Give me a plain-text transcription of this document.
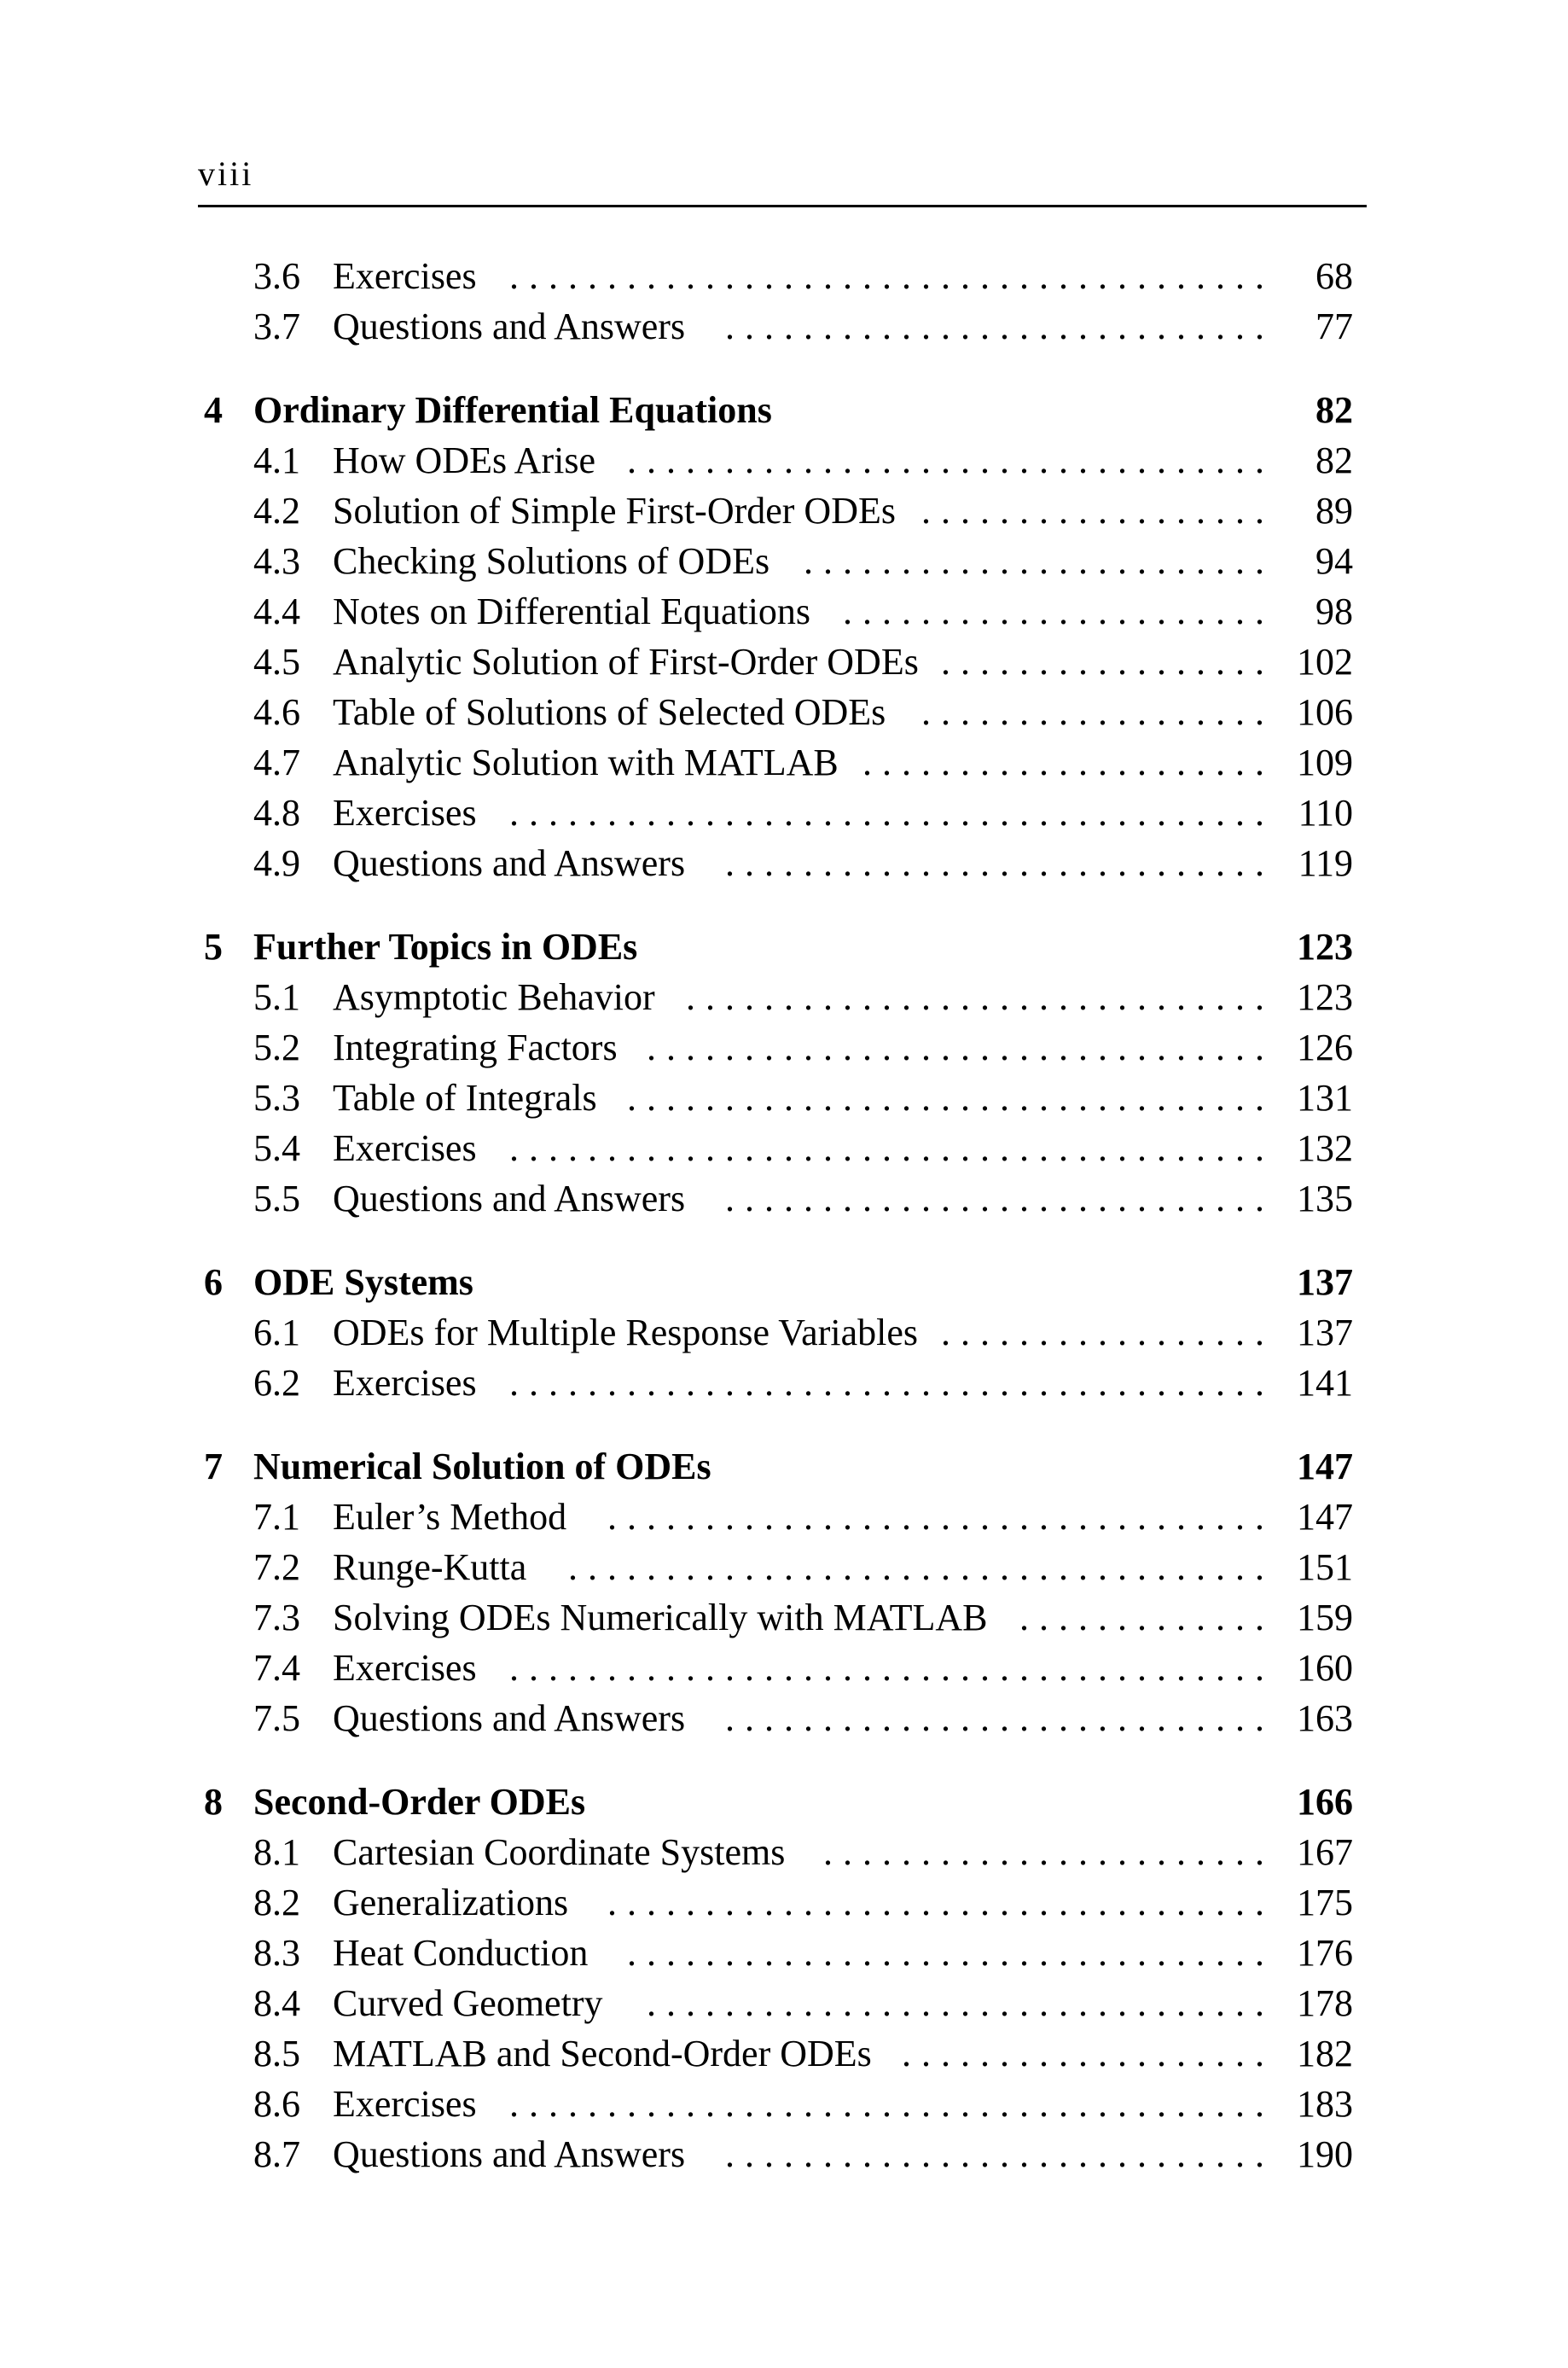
viii
3.6 Exercises ....................................... 68
3.7 Questions and Answers	............................ 77
4 Ordinary Differential Equations	82
4.1 How ODEs Arise ................................. 82
4.2 Solution of Simple First-Order ODEs .................. 89
4.3 Checking Solutions of ODEs ........................ 94
4.4 Notes on Differential Equations ...................... 98
4.5 Analytic Solution of First-Order ODEs ................. 102
4.6 Table of Solutions of Selected ODEs .................. 106
4.7 Analytic Solution with MATLAB ..................... 109
4.8 Exercises ....................................... 110
4.9 Questions and Answers	............................ 119
5 Further Topics in ODEs	123
5.1 Asymptotic Behavior .............................. 123
5.2 Integrating Factors ................................ 126
5.3 Table of Integrals ................................. 131
5.4 Exercises ....................................... 132
5.5 Questions and Answers	............................ 135
6 ODE Systems	137
6.1 ODEs for Multiple Response Variables ................. 137
6.2 Exercises ....................................... 141
7 Numerical Solution of ODEs	147
7.1 Euler’s Method	.................................. 147
7.2 Runge-Kutta	.................................... 151
7.3 Solving ODEs Numerically with MATLAB ............. 159
7.4 Exercises ....................................... 160
7.5 Questions and Answers	............................ 163
8 Second-Order ODEs	166
8.1 Cartesian Coordinate Systems	....................... 167
8.2 Generalizations	.................................. 175
8.3 Heat Conduction	................................. 176
8.4 Curved Geometry	................................ 178
8.5 MATLAB and Second-Order ODEs ................... 182
8.6 Exercises ....................................... 183
8.7 Questions and Answers	............................ 190
